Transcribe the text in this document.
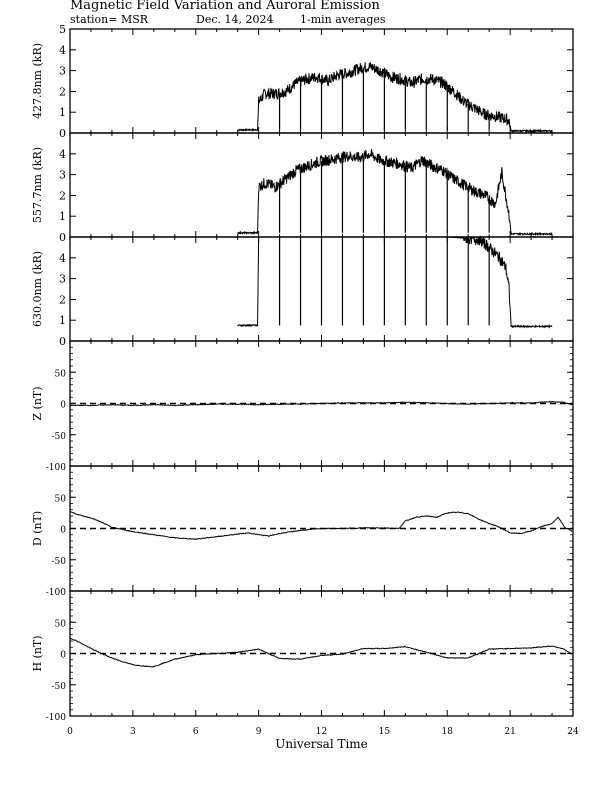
Magnetic Field Variation and Auroral Emission
station= MSR	Dec. 14, 2024 1-min averages
0
1
2
3
4
5
427.8nm (kR)
0
1
2
3
4
557.7nm (kR)
0
1
2
3
4
630.0nm (kR)
-100
-50
0
50
Z (nT)
-100
-50
0
50
D (nT)
-100
-50
0
50
H (nT)
0	3	6	9	12	15	18	21	24
Universal Time
